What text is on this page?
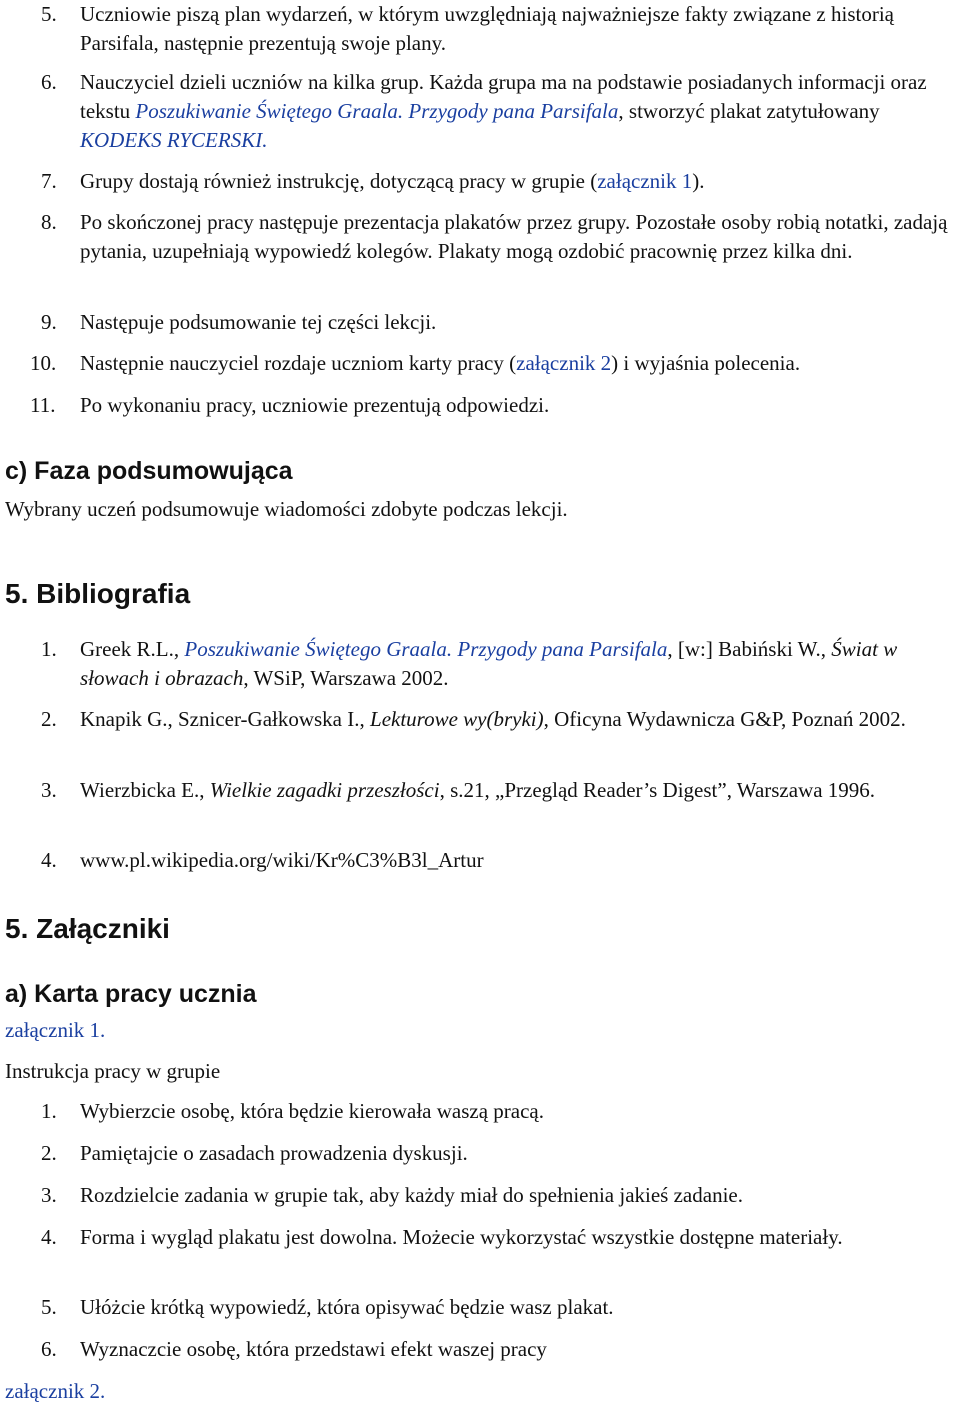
5.	Uczniowie piszą plan wydarzeń, w którym uwzględniają najważniejsze fakty związane z historią Parsifala, następnie prezentują swoje plany.
6.	Nauczyciel dzieli uczniów na kilka grup. Każda grupa ma na podstawie posiadanych informacji oraz tekstu Poszukiwanie Świętego Graala. Przygody pana Parsifala, stworzyć plakat zatytułowany KODEKS RYCERSKI.
7.	Grupy dostają również instrukcję, dotyczącą pracy w grupie (załącznik 1).
8.	Po skończonej pracy następuje prezentacja plakatów przez grupy. Pozostałe osoby robią notatki, zadają pytania, uzupełniają wypowiedź kolegów. Plakaty mogą ozdobić pracownię przez kilka dni.
9.	Następuje podsumowanie tej części lekcji.
10.	Następnie nauczyciel rozdaje uczniom karty pracy (załącznik 2) i wyjaśnia polecenia.
11.	Po wykonaniu pracy, uczniowie prezentują odpowiedzi.
c) Faza podsumowująca
Wybrany uczeń podsumowuje wiadomości zdobyte podczas lekcji.
5. Bibliografia
1.	Greek R.L., Poszukiwanie Świętego Graala. Przygody pana Parsifala, [w:] Babiński W., Świat w słowach i obrazach, WSiP, Warszawa 2002.
2.	Knapik G., Sznicer-Gałkowska I., Lekturowe wy(bryki), Oficyna Wydawnicza G&P, Poznań 2002.
3.	Wierzbicka E., Wielkie zagadki przeszłości, s.21, „Przegląd Reader’s Digest”, Warszawa 1996.
4.	www.pl.wikipedia.org/wiki/Kr%C3%B3l_Artur
5. Załączniki
a) Karta pracy ucznia
załącznik 1.
Instrukcja pracy w grupie
1.	Wybierzcie osobę, która będzie kierowała waszą pracą.
2.	Pamiętajcie o zasadach prowadzenia dyskusji.
3.	Rozdzielcie zadania w grupie tak, aby każdy miał do spełnienia jakieś zadanie.
4.	Forma i wygląd plakatu jest dowolna. Możecie wykorzystać wszystkie dostępne materiały.
5.	Ułóżcie krótką wypowiedź, która opisywać będzie wasz plakat.
6.	Wyznaczcie osobę, która przedstawi efekt waszej pracy
załącznik 2.
